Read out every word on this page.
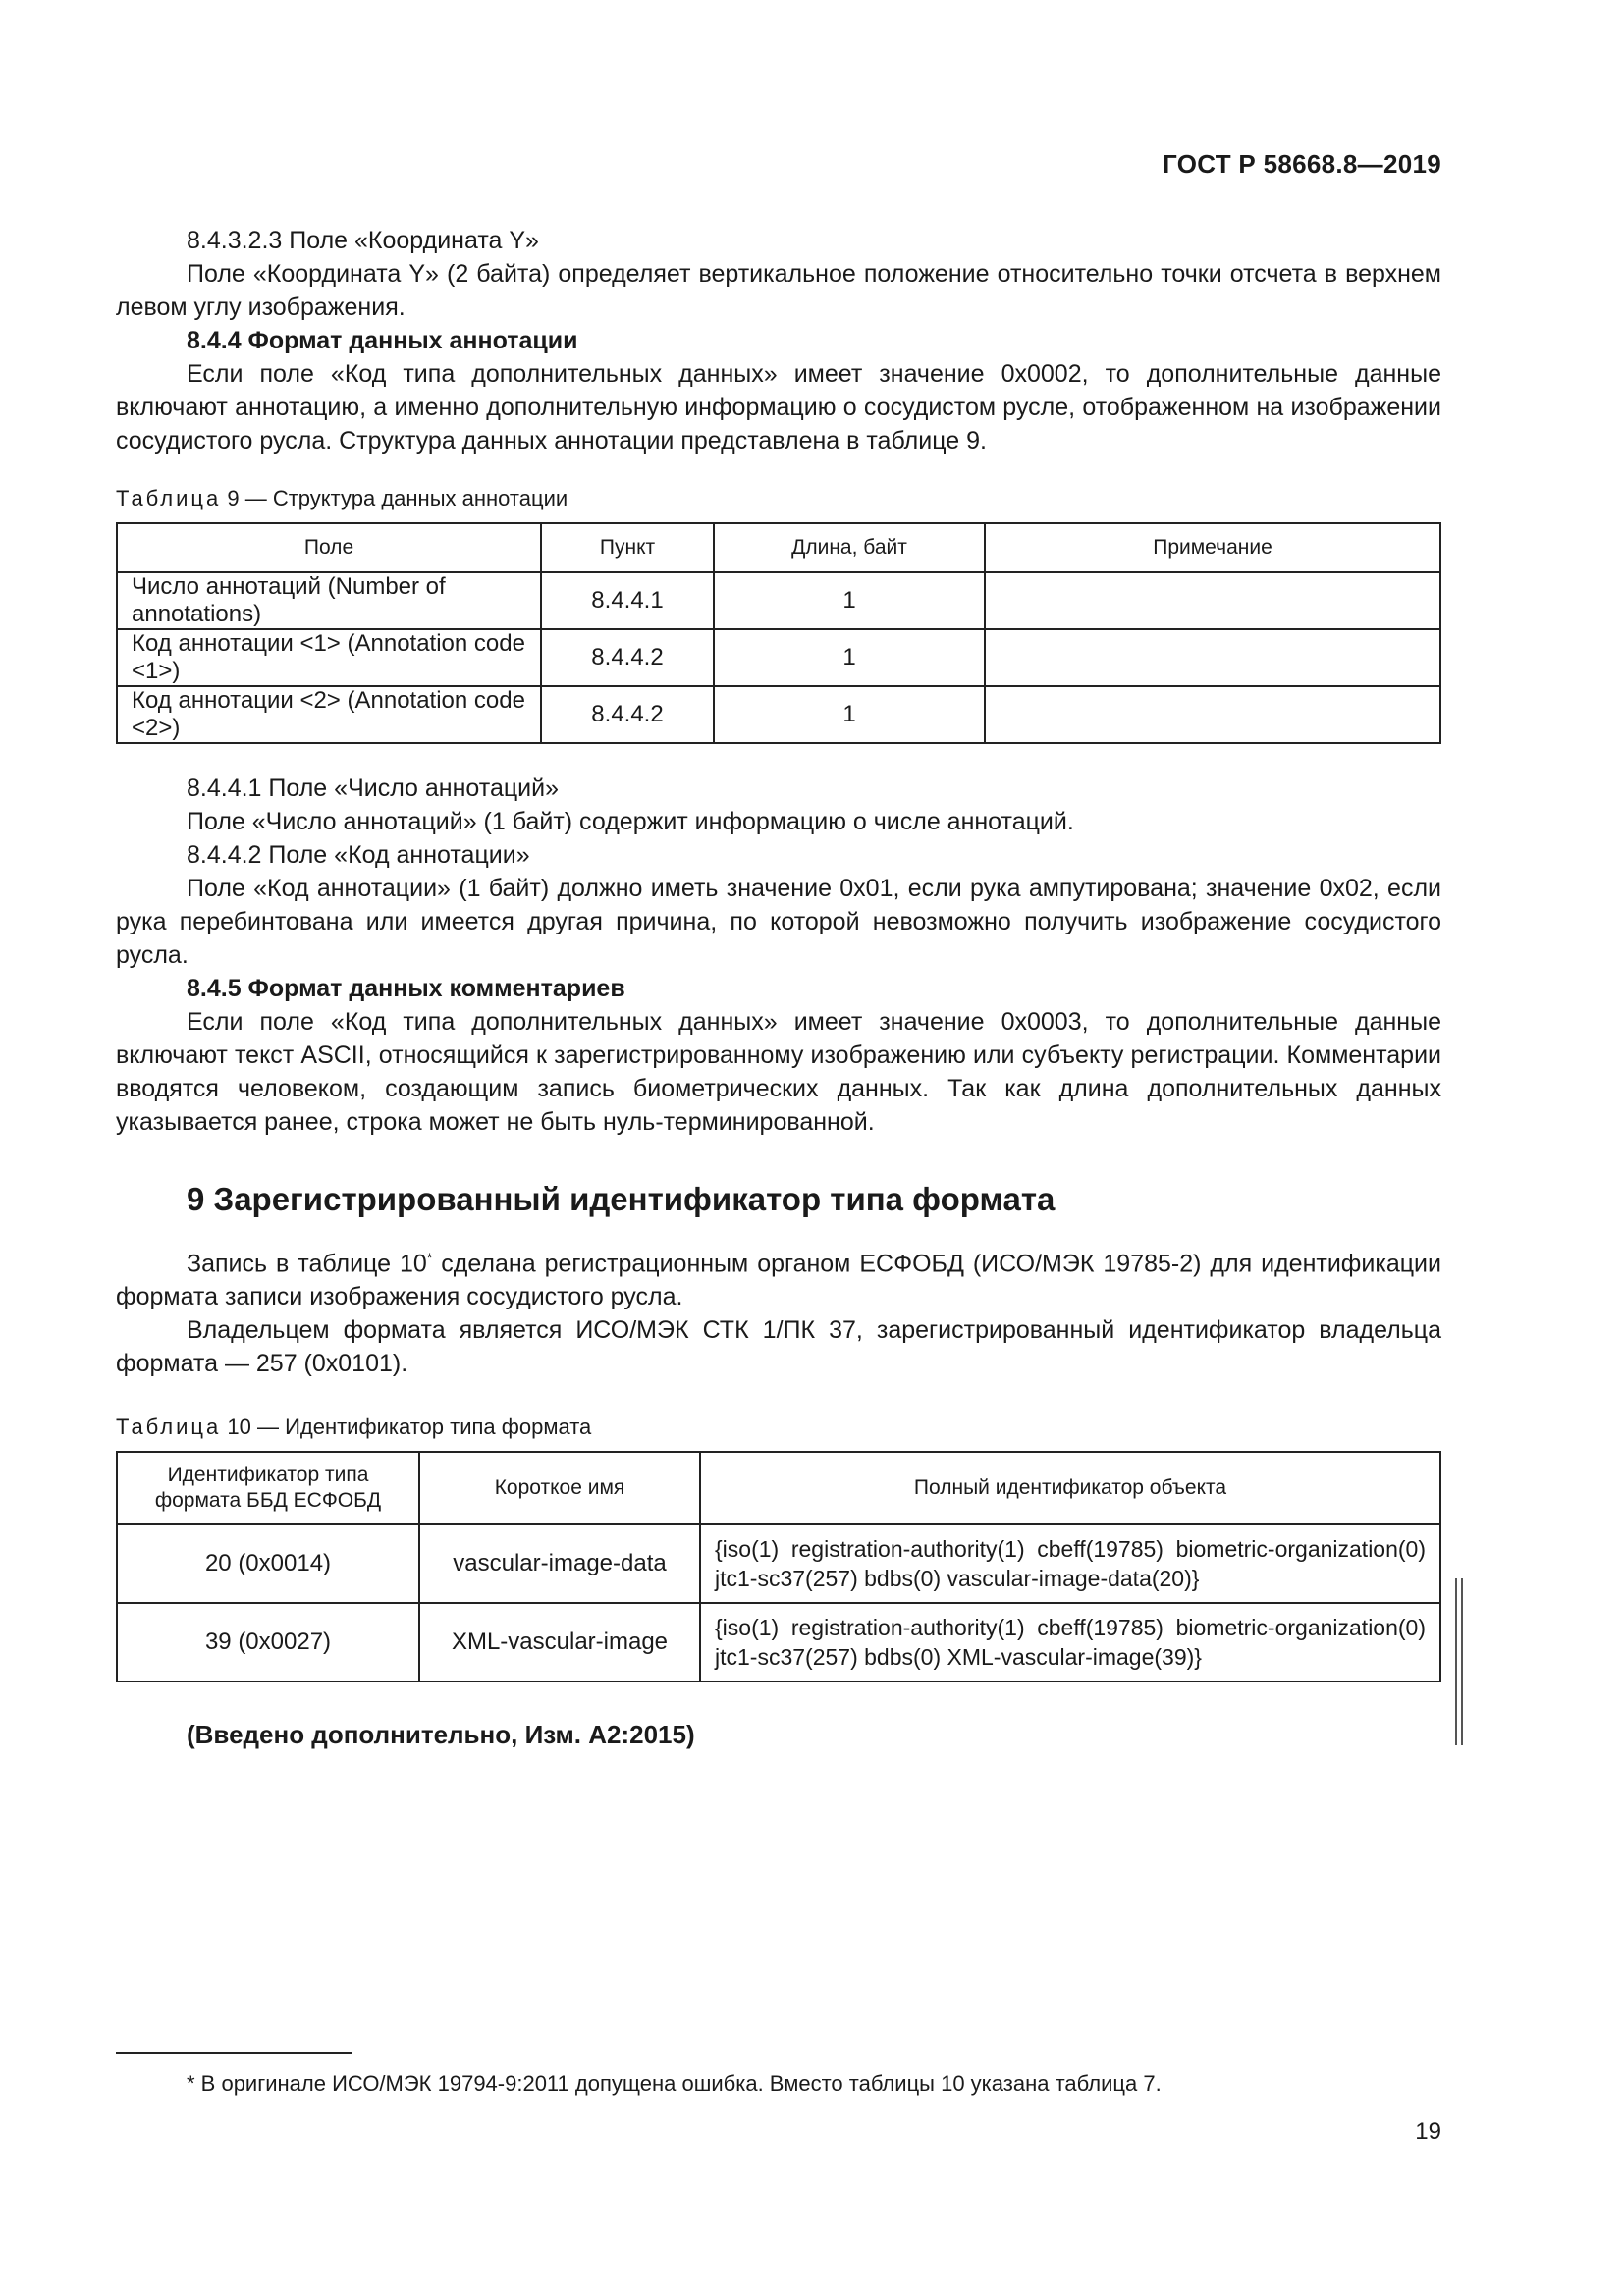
ГОСТ Р 58668.8—2019

8.4.3.2.3 Поле «Координата Y»

Поле «Координата Y» (2 байта) определяет вертикальное положение относительно точки отсчета в верхнем левом углу изображения.

8.4.4 Формат данных аннотации

Если поле «Код типа дополнительных данных» имеет значение 0x0002, то дополнительные данные включают аннотацию, а именно дополнительную информацию о сосудистом русле, отображенном на изображении сосудистого русла. Структура данных аннотации представлена в таблице 9.

Таблица 9 — Структура данных аннотации
Поле	Пункт	Длина, байт	Примечание
Число аннотаций (Number of annotations)	8.4.4.1	1	
Код аннотации <1> (Annotation code <1>)	8.4.4.2	1	
Код аннотации <2> (Annotation code <2>)	8.4.4.2	1	

8.4.4.1 Поле «Число аннотаций»

Поле «Число аннотаций» (1 байт) содержит информацию о числе аннотаций.

8.4.4.2 Поле «Код аннотации»

Поле «Код аннотации» (1 байт) должно иметь значение 0x01, если рука ампутирована; значение 0x02, если рука перебинтована или имеется другая причина, по которой невозможно получить изображение сосудистого русла.

8.4.5 Формат данных комментариев

Если поле «Код типа дополнительных данных» имеет значение 0x0003, то дополнительные данные включают текст ASCII, относящийся к зарегистрированному изображению или субъекту регистрации. Комментарии вводятся человеком, создающим запись биометрических данных. Так как длина дополнительных данных указывается ранее, строка может не быть нуль-терминированной.

9 Зарегистрированный идентификатор типа формата

Запись в таблице 10* сделана регистрационным органом ЕСФОБД (ИСО/МЭК 19785-2) для идентификации формата записи изображения сосудистого русла.

Владельцем формата является ИСО/МЭК СТК 1/ПК 37, зарегистрированный идентификатор владельца формата — 257 (0x0101).

Таблица 10 — Идентификатор типа формата
Идентификатор типа формата ББД ЕСФОБД	Короткое имя	Полный идентификатор объекта
20 (0x0014)	vascular-image-data	{iso(1) registration-authority(1) cbeff(19785) biometric-organization(0) jtc1-sc37(257) bdbs(0) vascular-image-data(20)}
39 (0x0027)	XML-vascular-image	{iso(1) registration-authority(1) cbeff(19785) biometric-organization(0) jtc1-sc37(257) bdbs(0) XML-vascular-image(39)}
(Введено дополнительно, Изм. А2:2015)
* В оригинале ИСО/МЭК 19794-9:2011 допущена ошибка. Вместо таблицы 10 указана таблица 7.
19
